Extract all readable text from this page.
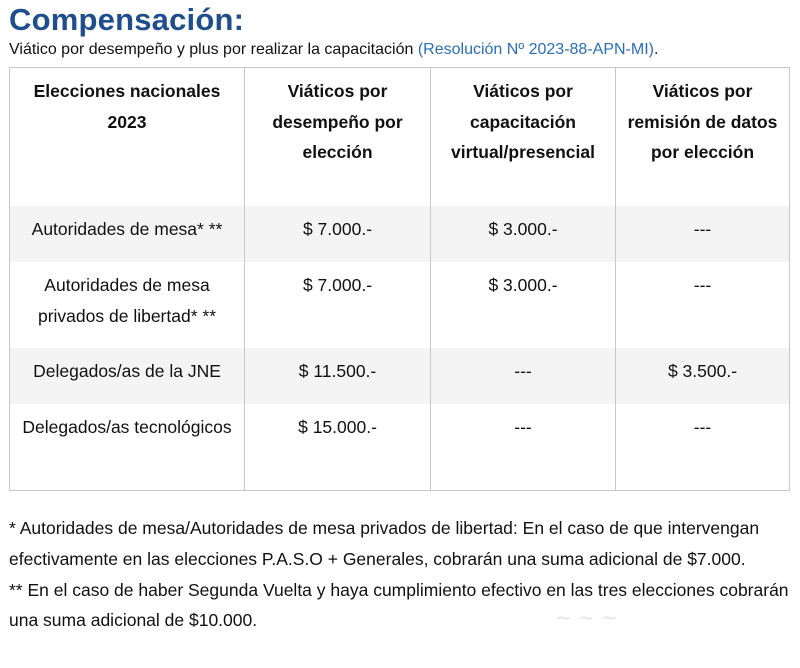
Compensación:
Viático por desempeño y plus por realizar la capacitación (Resolución Nº 2023-88-APN-MI).
Elecciones nacionales 2023	Viáticos por desempeño por elección	Viáticos por capacitación virtual/presencial	Viáticos por remisión de datos por elección
Autoridades de mesa* **	$ 7.000.-	$ 3.000.-	---
Autoridades de mesa privados de libertad* **	$ 7.000.-	$ 3.000.-	---
Delegados/as de la JNE	$ 11.500.-	---	$ 3.500.-
Delegados/as tecnológicos	$ 15.000.-	---	---

* Autoridades de mesa/Autoridades de mesa privados de libertad: En el caso de que intervengan efectivamente en las elecciones P.A.S.O + Generales, cobrarán una suma adicional de $7.000.

** En el caso de haber Segunda Vuelta y haya cumplimiento efectivo en las tres elecciones cobrarán una suma adicional de $10.000.	~ ~ ~
